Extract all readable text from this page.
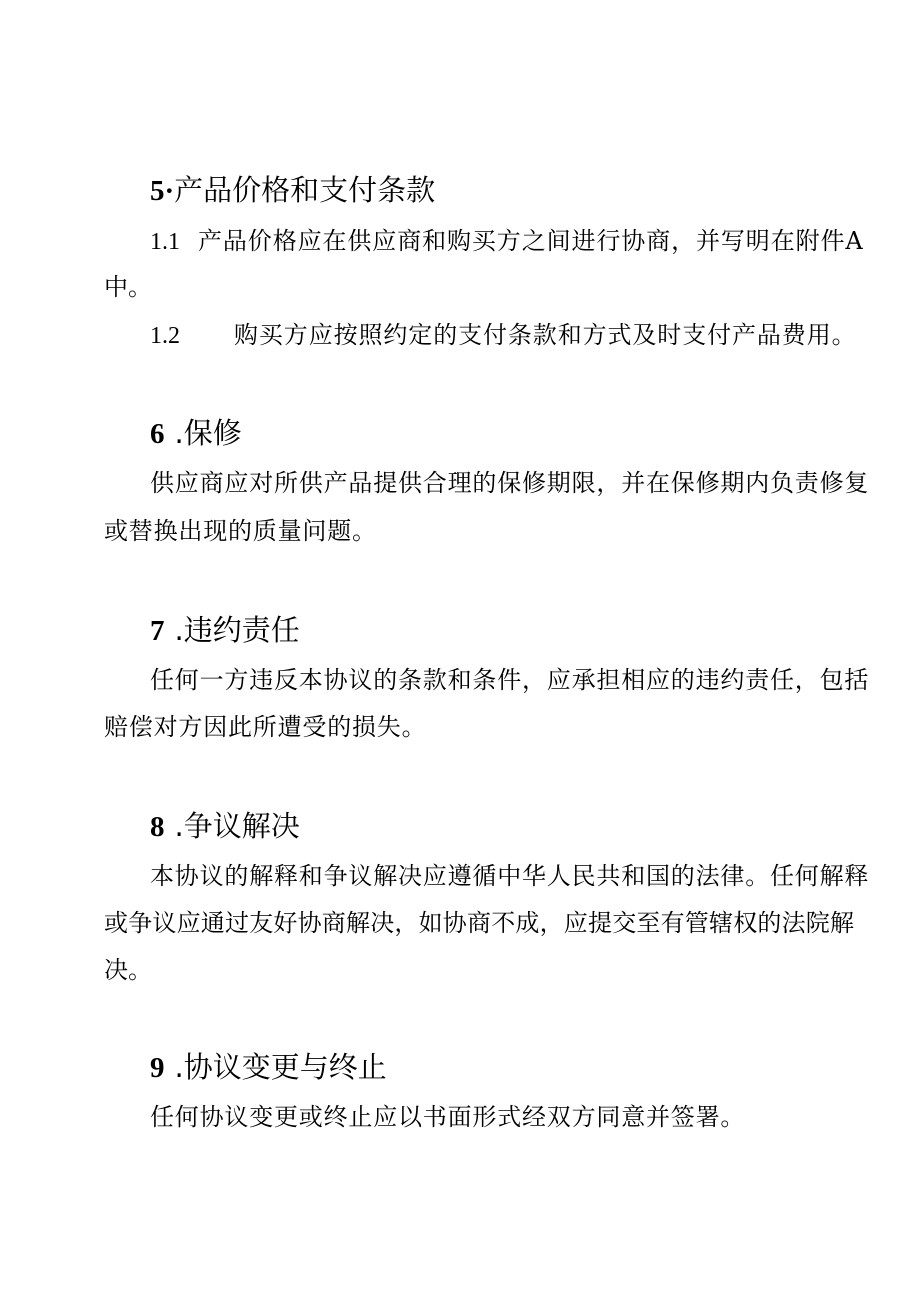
5·产品价格和支付条款
1.1 产品价格应在供应商和购买方之间进行协商，并写明在附件A
中。
1.2 购买方应按照约定的支付条款和方式及时支付产品费用。
6 .保修
供应商应对所供产品提供合理的保修期限，并在保修期内负责修复
或替换出现的质量问题。
7 .违约责任
任何一方违反本协议的条款和条件，应承担相应的违约责任，包括
赔偿对方因此所遭受的损失。
8 .争议解决
本协议的解释和争议解决应遵循中华人民共和国的法律。任何解释
或争议应通过友好协商解决，如协商不成，应提交至有管辖权的法院解
决。
9 .协议变更与终止
任何协议变更或终止应以书面形式经双方同意并签署。
